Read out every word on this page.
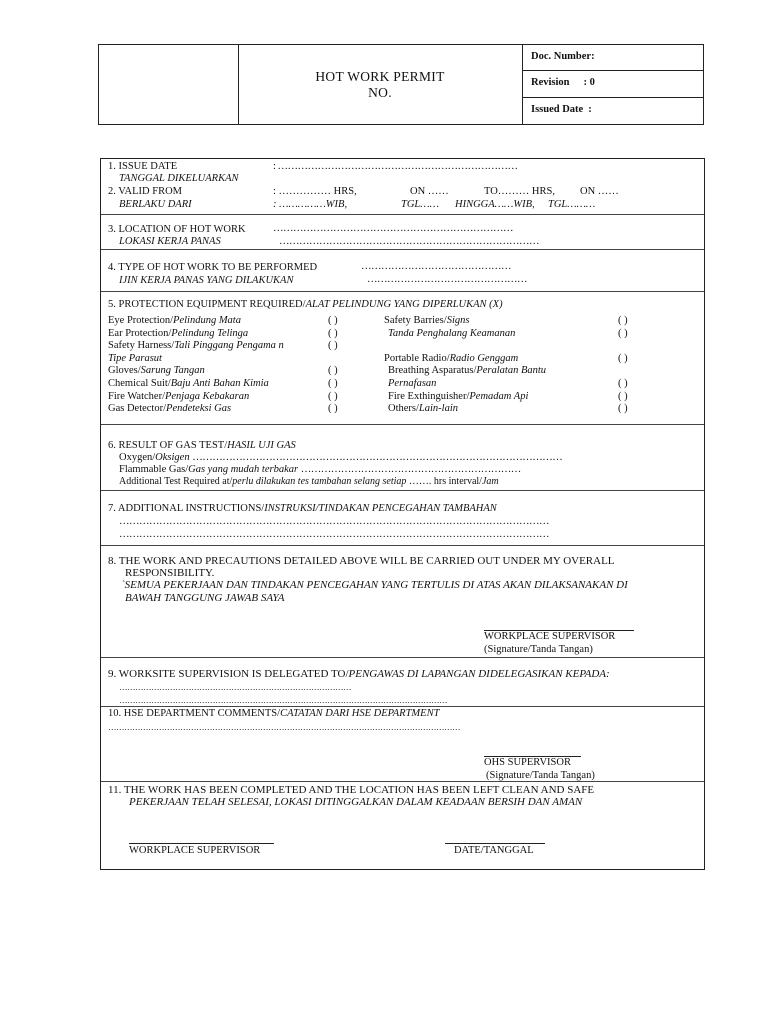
HOT WORK PERMIT
NO.
Doc. Number:
Revision : 0
Issued Date :
1. ISSUE DATE
TANGGAL DIKELUARKAN
: ………………………………………………………………
2. VALID FROM
BERLAKU DARI
: …………… HRS,	ON ……	TO……… HRS, ON ……
: ……………WIB,	TGL…… HINGGA……WIB, TGL………
3. LOCATION OF HOT WORK
LOKASI KERJA PANAS
………………………………………………………………
……………………………………………………………………
4. TYPE OF HOT WORK TO BE PERFORMED
IJIN KERJA PANAS YANG DILAKUKAN
………………………………………
…………………………………………
5. PROTECTION EQUIPMENT REQUIRED/ALAT PELINDUNG YANG DIPERLUKAN (X)
Eye Protection/Pelindung Mata	( )
Ear Protection/Pelindung Telinga	( )
Safety Harness/Tali Pinggang Pengama n	( )
Tipe Parasut
Gloves/Sarung Tangan	( )
Chemical Suit/Baju Anti Bahan Kimia	( )
Fire Watcher/Penjaga Kebakaran	( )
Gas Detector/Pendeteksi Gas	( )
Safety Barries/Signs	( )
Tanda Penghalang Keamanan	( )
Portable Radio/Radio Genggam	( )
Breathing Asparatus/Peralatan Bantu
Pernafasan	( )
Fire Exthinguisher/Pemadam Api	( )
Others/Lain-lain	( )
6. RESULT OF GAS TEST/HASIL UJI GAS
Oxygen/Oksigen …………………………………………………………………………………………………
Flammable Gas/Gas yang mudah terbakar …………………………………………………………
Additional Test Required at/perlu dilakukan tes tambahan selang setiap ……. hrs interval/Jam
7. ADDITIONAL INSTRUCTIONS/INSTRUKSI/TINDAKAN PENCEGAHAN TAMBAHAN
…………………………………………………………………………………………………………………
…………………………………………………………………………………………………………………
8. THE WORK AND PRECAUTIONS DETAILED ABOVE WILL BE CARRIED OUT UNDER MY OVERALL
RESPONSIBILITY.
`SEMUA PEKERJAAN DAN TINDAKAN PENCEGAHAN YANG TERTULIS DI ATAS AKAN DILAKSANAKAN DI
BAWAH TANGGUNG JAWAB SAYA
WORKPLACE SUPERVISOR
(Signature/Tanda Tangan)
9. WORKSITE SUPERVISION IS DELEGATED TO/PENGAWAS DI LAPANGAN DIDELEGASIKAN KEPADA:
……………………………………………………………………………
……………………………………………………………………………………………………………
10. HSE DEPARTMENT COMMENTS/CATATAN DARI HSE DEPARTMENT
……………………………………………………………………………………………………………………
OHS SUPERVISOR
(Signature/Tanda Tangan)
11. THE WORK HAS BEEN COMPLETED AND THE LOCATION HAS BEEN LEFT CLEAN AND SAFE
PEKERJAAN TELAH SELESAI, LOKASI DITINGGALKAN DALAM KEADAAN BERSIH DAN AMAN
WORKPLACE SUPERVISOR	DATE/TANGGAL
